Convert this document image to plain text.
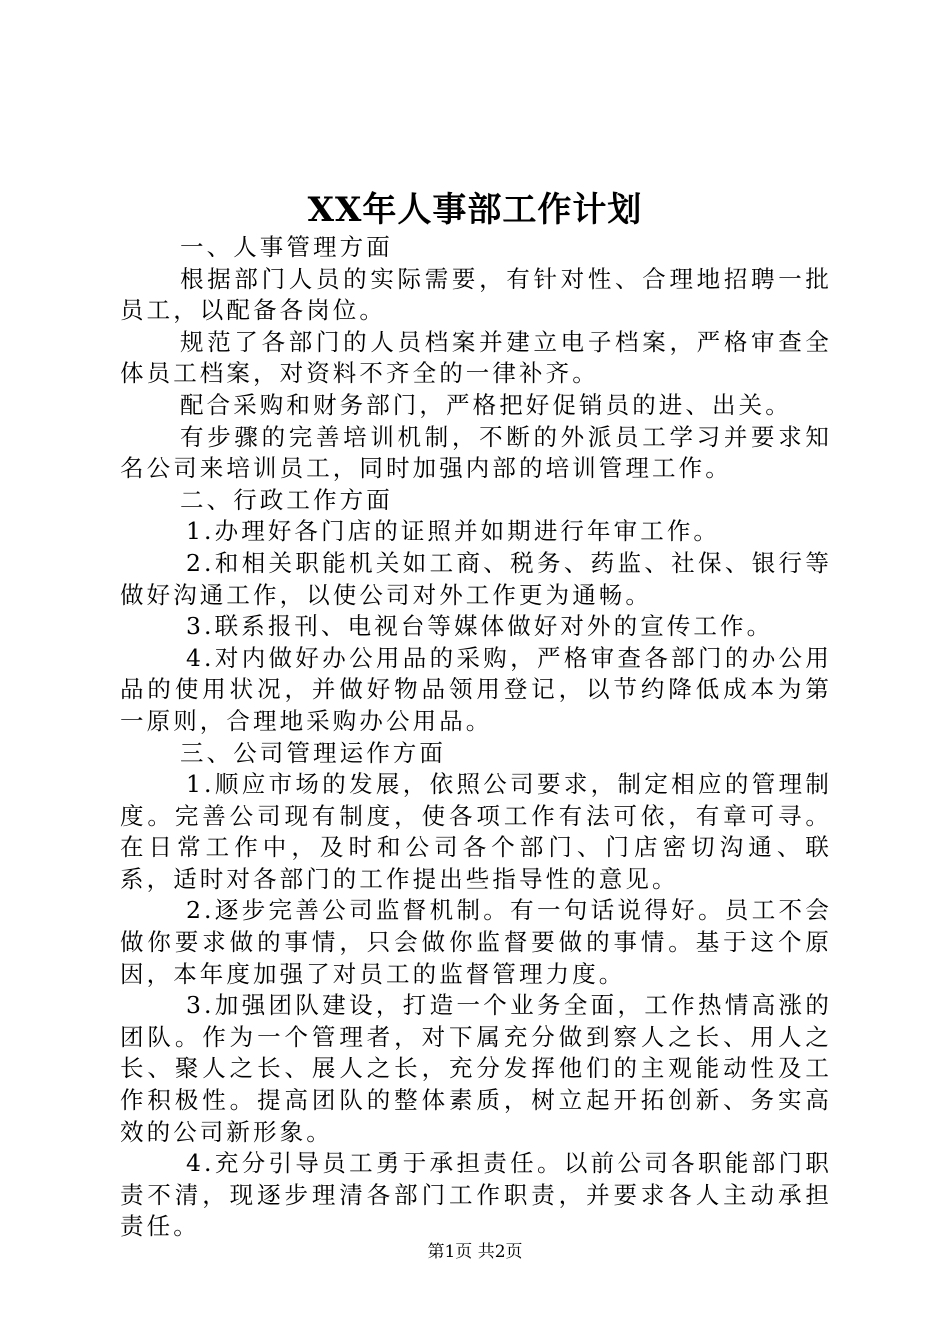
XX年人事部工作计划

一、人事管理方面

根据部门人员的实际需要，有针对性、合理地招聘一批员工，以配备各岗位。

规范了各部门的人员档案并建立电子档案，严格审查全体员工档案，对资料不齐全的一律补齐。

配合采购和财务部门，严格把好促销员的进、出关。

有步骤的完善培训机制，不断的外派员工学习并要求知名公司来培训员工，同时加强内部的培训管理工作。

二、行政工作方面

1.办理好各门店的证照并如期进行年审工作。

2.和相关职能机关如工商、税务、药监、社保、银行等做好沟通工作，以使公司对外工作更为通畅。

3.联系报刊、电视台等媒体做好对外的宣传工作。

4.对内做好办公用品的采购，严格审查各部门的办公用品的使用状况，并做好物品领用登记，以节约降低成本为第一原则，合理地采购办公用品。

三、公司管理运作方面

1.顺应市场的发展，依照公司要求，制定相应的管理制度。完善公司现有制度，使各项工作有法可依，有章可寻。在日常工作中，及时和公司各个部门、门店密切沟通、联系，适时对各部门的工作提出些指导性的意见。

2.逐步完善公司监督机制。有一句话说得好。员工不会做你要求做的事情，只会做你监督要做的事情。基于这个原因，本年度加强了对员工的监督管理力度。

3.加强团队建设，打造一个业务全面，工作热情高涨的团队。作为一个管理者，对下属充分做到察人之长、用人之长、聚人之长、展人之长，充分发挥他们的主观能动性及工作积极性。提高团队的整体素质，树立起开拓创新、务实高效的公司新形象。

4.充分引导员工勇于承担责任。以前公司各职能部门职责不清，现逐步理清各部门工作职责，并要求各人主动承担责任。

第1页 共2页
